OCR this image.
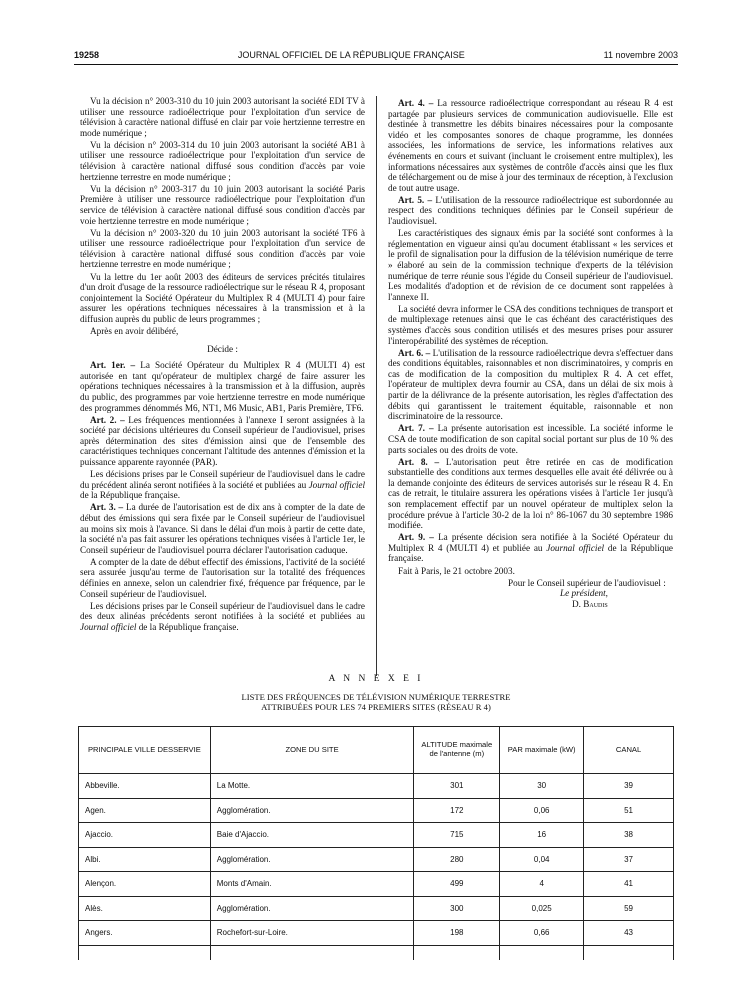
19258	JOURNAL OFFICIEL DE LA RÉPUBLIQUE FRANÇAISE	11 novembre 2003

Vu la décision n° 2003-310 du 10 juin 2003 autorisant la société EDI TV à utiliser une ressource radioélectrique pour l'exploitation d'un service de télévision à caractère national diffusé en clair par voie hertzienne terrestre en mode numérique ;

Vu la décision n° 2003-314 du 10 juin 2003 autorisant la société AB1 à utiliser une ressource radioélectrique pour l'exploitation d'un service de télévision à caractère national diffusé sous condition d'accès par voie hertzienne terrestre en mode numérique ;

Vu la décision n° 2003-317 du 10 juin 2003 autorisant la société Paris Première à utiliser une ressource radioélectrique pour l'exploitation d'un service de télévision à caractère national diffusé sous condition d'accès par voie hertzienne terrestre en mode numérique ;

Vu la décision n° 2003-320 du 10 juin 2003 autorisant la société TF6 à utiliser une ressource radioélectrique pour l'exploitation d'un service de télévision à caractère national diffusé sous condition d'accès par voie hertzienne terrestre en mode numérique ;

Vu la lettre du 1er août 2003 des éditeurs de services précités titulaires d'un droit d'usage de la ressource radioélectrique sur le réseau R 4, proposant conjointement la Société Opérateur du Multiplex R 4 (MULTI 4) pour faire assurer les opérations techniques nécessaires à la transmission et à la diffusion auprès du public de leurs programmes ;

Après en avoir délibéré,

Décide :

Art. 1er. – La Société Opérateur du Multiplex R 4 (MULTI 4) est autorisée en tant qu'opérateur de multiplex chargé de faire assurer les opérations techniques nécessaires à la transmission et à la diffusion, auprès du public, des programmes par voie hertzienne terrestre en mode numérique des programmes dénommés M6, NT1, M6 Music, AB1, Paris Première, TF6.

Art. 2. – Les fréquences mentionnées à l'annexe I seront assignées à la société par décisions ultérieures du Conseil supérieur de l'audiovisuel, prises après détermination des sites d'émission ainsi que de l'ensemble des caractéristiques techniques concernant l'altitude des antennes d'émission et la puissance apparente rayonnée (PAR).

Les décisions prises par le Conseil supérieur de l'audiovisuel dans le cadre du précédent alinéa seront notifiées à la société et publiées au Journal officiel de la République française.

Art. 3. – La durée de l'autorisation est de dix ans à compter de la date de début des émissions qui sera fixée par le Conseil supérieur de l'audiovisuel au moins six mois à l'avance. Si dans le délai d'un mois à partir de cette date, la société n'a pas fait assurer les opérations techniques visées à l'article 1er, le Conseil supérieur de l'audiovisuel pourra déclarer l'autorisation caduque.

A compter de la date de début effectif des émissions, l'activité de la société sera assurée jusqu'au terme de l'autorisation sur la totalité des fréquences définies en annexe, selon un calendrier fixé, fréquence par fréquence, par le Conseil supérieur de l'audiovisuel.

Les décisions prises par le Conseil supérieur de l'audiovisuel dans le cadre des deux alinéas précédents seront notifiées à la société et publiées au Journal officiel de la République française.

Art. 4. – La ressource radioélectrique correspondant au réseau R 4 est partagée par plusieurs services de communication audiovisuelle. Elle est destinée à transmettre les débits binaires nécessaires pour la composante vidéo et les composantes sonores de chaque programme, les données associées, les informations de service, les informations relatives aux événements en cours et suivant (incluant le croisement entre multiplex), les informations nécessaires aux systèmes de contrôle d'accès ainsi que les flux de téléchargement ou de mise à jour des terminaux de réception, à l'exclusion de tout autre usage.

Art. 5. – L'utilisation de la ressource radioélectrique est subordonnée au respect des conditions techniques définies par le Conseil supérieur de l'audiovisuel.

Les caractéristiques des signaux émis par la société sont conformes à la réglementation en vigueur ainsi qu'au document établissant « les services et le profil de signalisation pour la diffusion de la télévision numérique de terre » élaboré au sein de la commission technique d'experts de la télévision numérique de terre réunie sous l'égide du Conseil supérieur de l'audiovisuel. Les modalités d'adoption et de révision de ce document sont rappelées à l'annexe II.

La société devra informer le CSA des conditions techniques de transport et de multiplexage retenues ainsi que le cas échéant des caractéristiques des systèmes d'accès sous condition utilisés et des mesures prises pour assurer l'interopérabilité des systèmes de réception.

Art. 6. – L'utilisation de la ressource radioélectrique devra s'effectuer dans des conditions équitables, raisonnables et non discriminatoires, y compris en cas de modification de la composition du multiplex R 4. A cet effet, l'opérateur de multiplex devra fournir au CSA, dans un délai de six mois à partir de la délivrance de la présente autorisation, les règles d'affectation des débits qui garantissent le traitement équitable, raisonnable et non discriminatoire de la ressource.

Art. 7. – La présente autorisation est incessible. La société informe le CSA de toute modification de son capital social portant sur plus de 10 % des parts sociales ou des droits de vote.

Art. 8. – L'autorisation peut être retirée en cas de modification substantielle des conditions aux termes desquelles elle avait été délivrée ou à la demande conjointe des éditeurs de services autorisés sur le réseau R 4. En cas de retrait, le titulaire assurera les opérations visées à l'article 1er jusqu'à son remplacement effectif par un nouvel opérateur de multiplex selon la procédure prévue à l'article 30-2 de la loi n° 86-1067 du 30 septembre 1986 modifiée.

Art. 9. – La présente décision sera notifiée à la Société Opérateur du Multiplex R 4 (MULTI 4) et publiée au Journal officiel de la République française.

Fait à Paris, le 21 octobre 2003.

Pour le Conseil supérieur de l'audiovisuel :

Le président,

D. Baudis

A N N E X E I
LISTE DES FRÉQUENCES DE TÉLÉVISION NUMÉRIQUE TERRESTRE
ATTRIBUÉES POUR LES 74 PREMIERS SITES (RÉSEAU R 4)
PRINCIPALE VILLE DESSERVIE	ZONE DU SITE	ALTITUDE maximale de l'antenne (m)	PAR maximale (kW)	CANAL
Abbeville.	La Motte.	301	30	39
Agen.	Agglomération.	172	0,06	51
Ajaccio.	Baie d'Ajaccio.	715	16	38
Albi.	Agglomération.	280	0,04	37
Alençon.	Monts d'Amain.	499	4	41
Alès.	Agglomération.	300	0,025	59
Angers.	Rochefort-sur-Loire.	198	0,66	43
